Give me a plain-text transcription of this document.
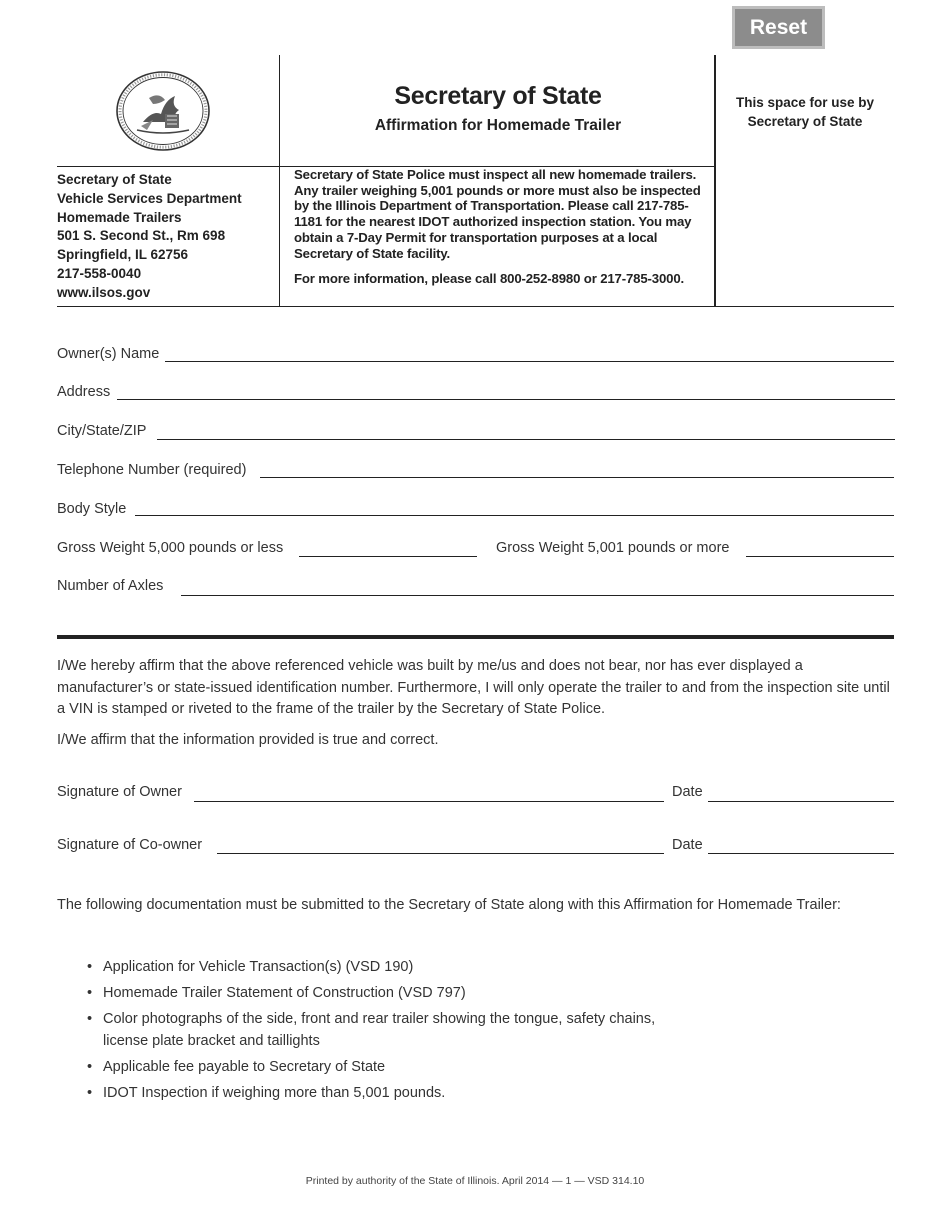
Reset
Secretary of State
Affirmation for Homemade Trailer
This space for use by Secretary of State
Secretary of State
Vehicle Services Department
Homemade Trailers
501 S. Second St., Rm 698
Springfield, IL 62756
217-558-0040
www.ilsos.gov

Secretary of State Police must inspect all new homemade trailers. Any trailer weighing 5,001 pounds or more must also be inspected by the Illinois Department of Transportation. Please call 217-785-1181 for the nearest IDOT authorized inspection station. You may obtain a 7-Day Permit for transportation purposes at a local Secretary of State facility.

For more information, please call 800-252-8980 or 217-785-3000.

Owner(s) Name
Address
City/State/ZIP
Telephone Number (required)
Body Style
Gross Weight 5,000 pounds or less	Gross Weight 5,001 pounds or more
Number of Axles
I/We hereby affirm that the above referenced vehicle was built by me/us and does not bear, nor has ever displayed a manufacturer’s or state-issued identification number. Furthermore, I will only operate the trailer to and from the inspection site until a VIN is stamped or riveted to the frame of the trailer by the Secretary of State Police.
I/We affirm that the information provided is true and correct.
Signature of Owner	Date
Signature of Co-owner	Date
The following documentation must be submitted to the Secretary of State along with this Affirmation for Homemade Trailer:
• Application for Vehicle Transaction(s) (VSD 190)
• Homemade Trailer Statement of Construction (VSD 797)
• Color photographs of the side, front and rear trailer showing the tongue, safety chains, license plate bracket and taillights
• Applicable fee payable to Secretary of State
• IDOT Inspection if weighing more than 5,001 pounds.
Printed by authority of the State of Illinois. April 2014 — 1 — VSD 314.10
